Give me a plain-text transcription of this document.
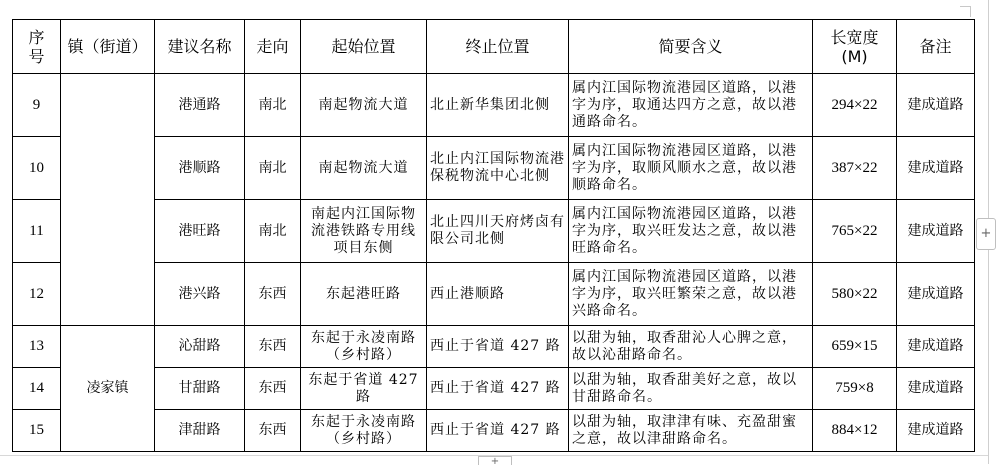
序号	镇（街道）	建议名称	走向	起始位置	终止位置	简要含义	长宽度(M)	备注
9		港通路	南北	南起物流大道	北止新华集团北侧	属内江国际物流港园区道路，以港字为序，取通达四方之意，故以港通路命名。	294×22	建成道路
10		港顺路	南北	南起物流大道	北止内江国际物流港保税物流中心北侧	属内江国际物流港园区道路，以港字为序，取顺风顺水之意，故以港顺路命名。	387×22	建成道路
11		港旺路	南北	南起内江国际物流港铁路专用线项目东侧	北止四川天府烤卤有限公司北侧	属内江国际物流港园区道路，以港字为序，取兴旺发达之意，故以港旺路命名。	765×22	建成道路
12		港兴路	东西	东起港旺路	西止港顺路	属内江国际物流港园区道路，以港字为序，取兴旺繁荣之意，故以港兴路命名。	580×22	建成道路
13	凌家镇	沁甜路	东西	东起于永凌南路（乡村路）	西止于省道 427 路	以甜为轴，取香甜沁人心脾之意，故以沁甜路命名。	659×15	建成道路
14		甘甜路	东西	东起于省道 427 路	西止于省道 427 路	以甜为轴，取香甜美好之意，故以甘甜路命名。	759×8	建成道路
15		津甜路	东西	东起于永凌南路（乡村路）	西止于省道 427 路	以甜为轴，取津津有味、充盈甜蜜之意，故以津甜路命名。	884×12	建成道路
+
+
